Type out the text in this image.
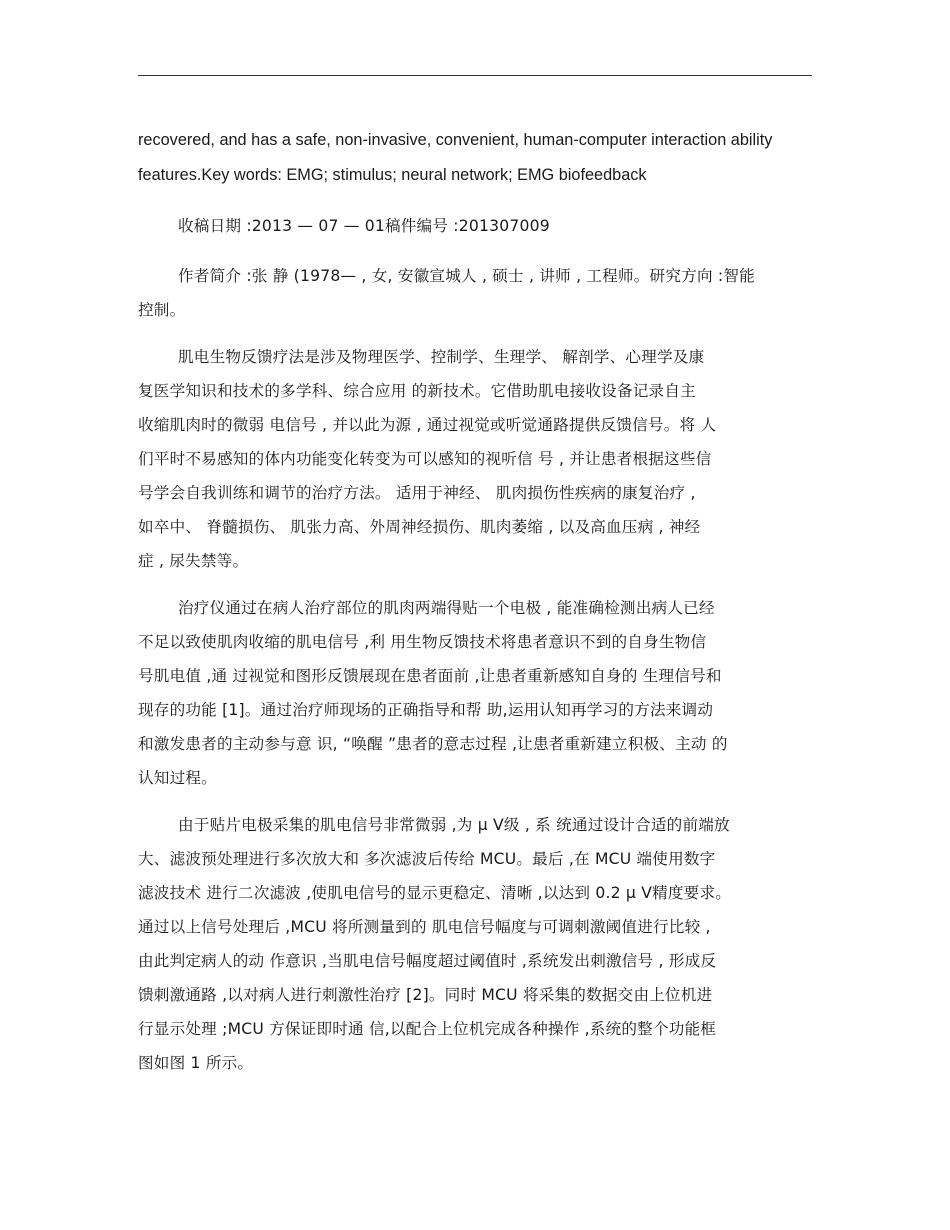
recovered, and has a safe, non-invasive, convenient, human-computer interaction ability

features.Key words: EMG; stimulus; neural network; EMG biofeedback

收稿日期 :2013 — 07 — 01稿件编号 :201307009

作者简介 :张 静 (1978— , 女, 安徽宣城人 , 硕士 , 讲师 , 工程师。研究方向 :智能

控制。

肌电生物反馈疗法是涉及物理医学、控制学、生理学、 解剖学、心理学及康

复医学知识和技术的多学科、综合应用 的新技术。它借助肌电接收设备记录自主

收缩肌肉时的微弱 电信号 , 并以此为源 , 通过视觉或听觉通路提供反馈信号。将 人

们平时不易感知的体内功能变化转变为可以感知的视听信 号 , 并让患者根据这些信

号学会自我训练和调节的治疗方法。 适用于神经、 肌肉损伤性疾病的康复治疗 ,

如卒中、 脊髓损伤、 肌张力高、外周神经损伤、肌肉萎缩 , 以及高血压病 , 神经

症 , 尿失禁等。

治疗仪通过在病人治疗部位的肌肉两端得贴一个电极 , 能准确检测出病人已经

不足以致使肌肉收缩的肌电信号 ,利 用生物反馈技术将患者意识不到的自身生物信

号肌电值 ,通 过视觉和图形反馈展现在患者面前 ,让患者重新感知自身的 生理信号和

现存的功能 [1]。通过治疗师现场的正确指导和帮 助,运用认知再学习的方法来调动

和激发患者的主动参与意 识, “唤醒 ”患者的意志过程 ,让患者重新建立积极、主动 的

认知过程。

由于贴片电极采集的肌电信号非常微弱 ,为 μ V级 , 系 统通过设计合适的前端放

大、滤波预处理进行多次放大和 多次滤波后传给 MCU。最后 ,在 MCU 端使用数字

滤波技术 进行二次滤波 ,使肌电信号的显示更稳定、清晰 ,以达到 0.2 μ V精度要求。

通过以上信号处理后 ,MCU 将所测量到的 肌电信号幅度与可调刺激阈值进行比较 ,

由此判定病人的动 作意识 ,当肌电信号幅度超过阈值时 ,系统发出刺激信号 , 形成反

馈刺激通路 ,以对病人进行刺激性治疗 [2]。同时 MCU 将采集的数据交由上位机进

行显示处理 ;MCU 方保证即时通 信,以配合上位机完成各种操作 ,系统的整个功能框

图如图 1 所示。
